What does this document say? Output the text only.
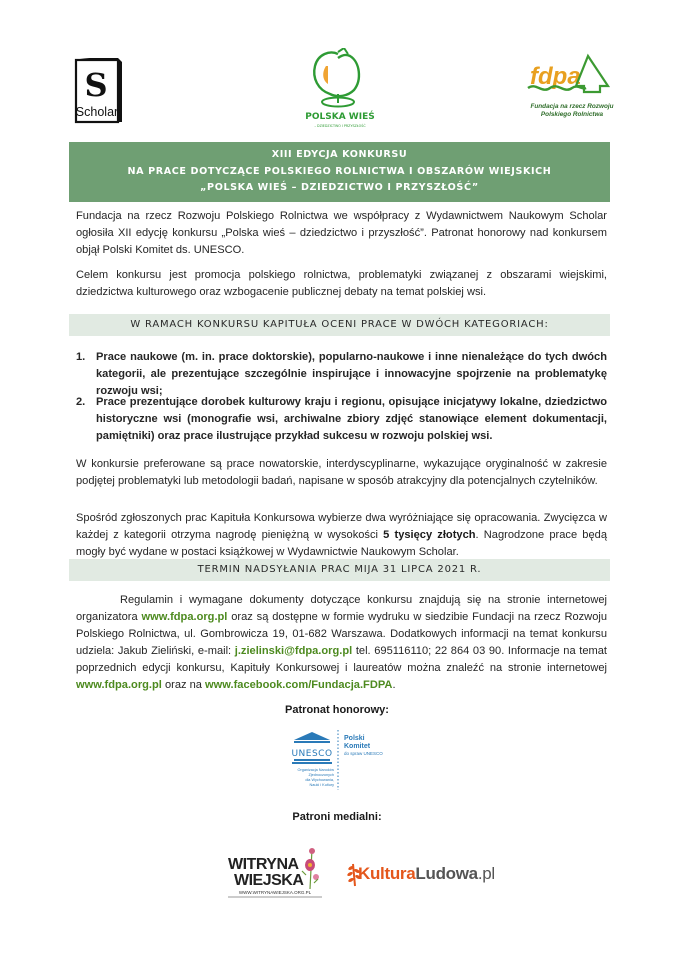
S
Scholar	POLSKA WIEŚ
– DZIEDZICTWO I PRZYSZŁOŚĆ
fdpa
Fundacja na rzecz Rozwoju
Polskiego Rolnictwa
XIII EDYCJA KONKURSU
NA PRACE DOTYCZĄCE POLSKIEGO ROLNICTWA I OBSZARÓW WIEJSKICH
„POLSKA WIEŚ – DZIEDZICTWO I PRZYSZŁOŚĆ”

Fundacja na rzecz Rozwoju Polskiego Rolnictwa we współpracy z Wydawnictwem Naukowym Scholar ogłosiła XII edycję konkursu „Polska wieś – dziedzictwo i przyszłość”. Patronat honorowy nad konkursem objął Polski Komitet ds. UNESCO.

Celem konkursu jest promocja polskiego rolnictwa, problematyki związanej z obszarami wiejskimi, dziedzictwa kulturowego oraz wzbogacenie publicznej debaty na temat polskiej wsi.

W RAMACH KONKURSU KAPITUŁA OCENI PRACE W DWÓCH KATEGORIACH:
1. Prace naukowe (m. in. prace doktorskie), popularno-naukowe i inne nienależące do tych dwóch kategorii, ale prezentujące szczególnie inspirujące i innowacyjne spojrzenie na problematykę rozwoju wsi;
2. Prace prezentujące dorobek kulturowy kraju i regionu, opisujące inicjatywy lokalne, dziedzictwo historyczne wsi (monografie wsi, archiwalne zbiory zdjęć stanowiące element dokumentacji, pamiętniki) oraz prace ilustrujące przykład sukcesu w rozwoju polskiej wsi.

W konkursie preferowane są prace nowatorskie, interdyscyplinarne, wykazujące oryginalność w zakresie podjętej problematyki lub metodologii badań, napisane w sposób atrakcyjny dla potencjalnych czytelników.

Spośród zgłoszonych prac Kapituła Konkursowa wybierze dwa wyróżniające się opracowania. Zwycięzca w każdej z kategorii otrzyma nagrodę pieniężną w wysokości 5 tysięcy złotych. Nagrodzone prace będą mogły być wydane w postaci książkowej w Wydawnictwie Naukowym Scholar.

TERMIN NADSYŁANIA PRAC MIJA 31 LIPCA 2021 R.

Regulamin i wymagane dokumenty dotyczące konkursu znajdują się na stronie internetowej organizatora www.fdpa.org.pl oraz są dostępne w formie wydruku w siedzibie Fundacji na rzecz Rozwoju Polskiego Rolnictwa, ul. Gombrowicza 19, 01-682 Warszawa. Dodatkowych informacji na temat konkursu udziela: Jakub Zieliński, e-mail: j.zielinski@fdpa.org.pl tel. 695116110; 22 864 03 90. Informacje na temat poprzednich edycji konkursu, Kapituły Konkursowej i laureatów można znaleźć na stronie internetowej www.fdpa.org.pl oraz na www.facebook.com/Fundacja.FDPA.

Patronat honorowy:
UNESCO
Polski
Komitet
do spraw UNESCO
Organizacja Narodów
Zjednoczonych
dla Wychowania,
Nauki i Kultury
Patroni medialni:
WITRYNA
WIEJSKA
WWW.WITRYNAWIEJSKA.ORG.PL
KulturaLudowa.pl
